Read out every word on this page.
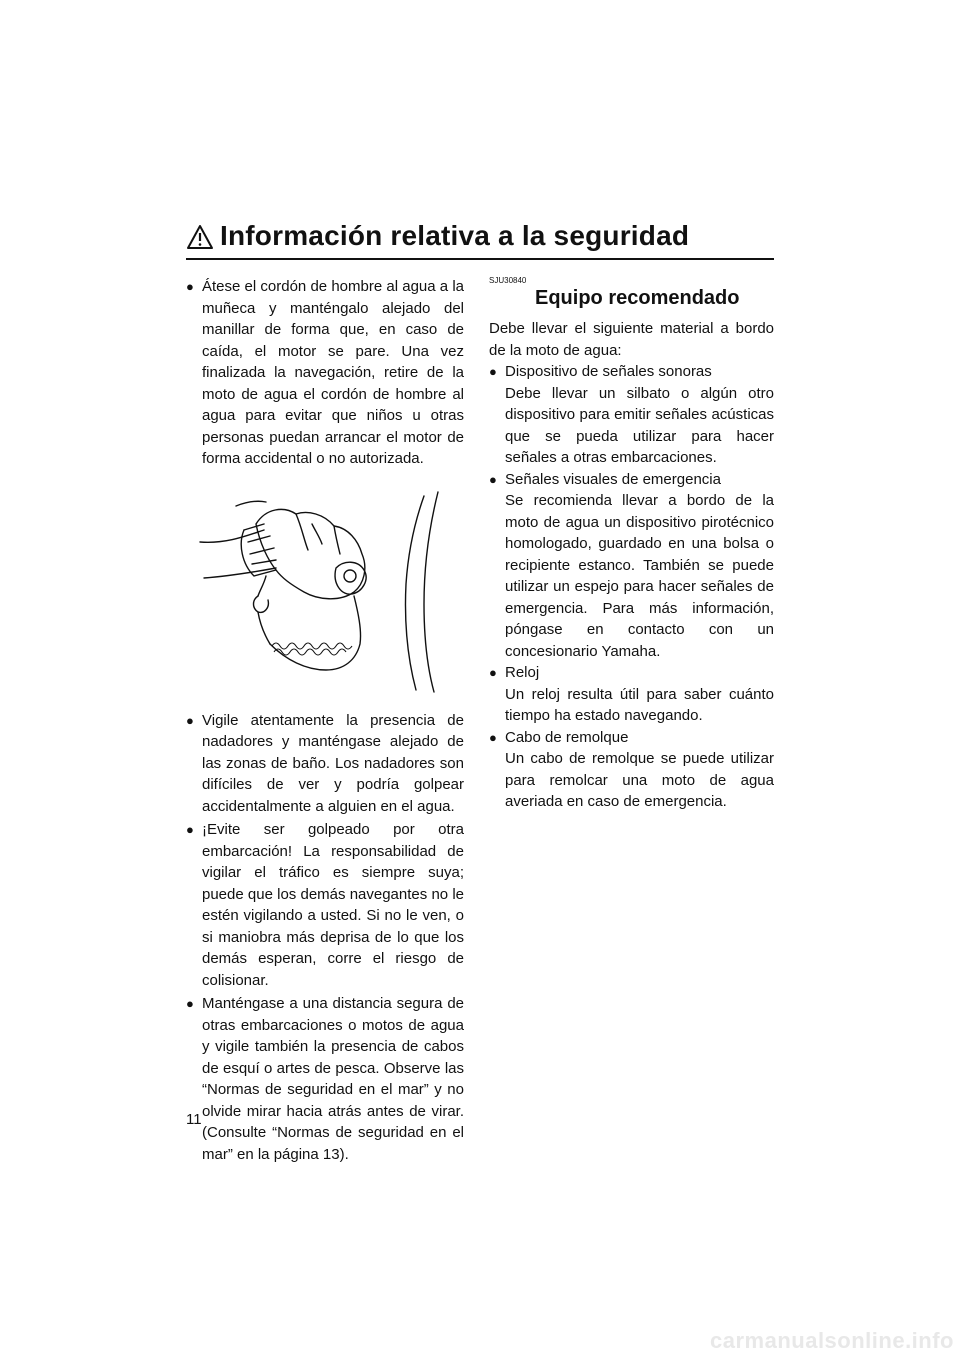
Información relativa a la seguridad

● Átese el cordón de hombre al agua a la muñeca y manténgalo alejado del manillar de forma que, en caso de caída, el motor se pare. Una vez finalizada la navegación, retire de la moto de agua el cordón de hombre al agua para evitar que niños u otras personas puedan arrancar el motor de forma accidental o no autorizada.

● Vigile atentamente la presencia de nadadores y manténgase alejado de las zonas de baño. Los nadadores son difíciles de ver y podría golpear accidentalmente a alguien en el agua.

● ¡Evite ser golpeado por otra embarcación! La responsabilidad de vigilar el tráfico es siempre suya; puede que los demás navegantes no le estén vigilando a usted. Si no le ven, o si maniobra más deprisa de lo que los demás esperan, corre el riesgo de colisionar.

● Manténgase a una distancia segura de otras embarcaciones o motos de agua y vigile también la presencia de cabos de esquí o artes de pesca. Observe las “Normas de seguridad en el mar” y no olvide mirar hacia atrás antes de virar. (Consulte “Normas de seguridad en el mar” en la página 13).

SJU30840

Equipo recomendado

Debe llevar el siguiente material a bordo de la moto de agua:

● Dispositivo de señales sonoras
Debe llevar un silbato o algún otro dispositivo para emitir señales acústicas que se pueda utilizar para hacer señales a otras embarcaciones.
● Señales visuales de emergencia
Se recomienda llevar a bordo de la moto de agua un dispositivo pirotécnico homologado, guardado en una bolsa o recipiente estanco. También se puede utilizar un espejo para hacer señales de emergencia. Para más información, póngase en contacto con un concesionario Yamaha.
● Reloj
Un reloj resulta útil para saber cuánto tiempo ha estado navegando.
● Cabo de remolque
Un cabo de remolque se puede utilizar para remolcar una moto de agua averiada en caso de emergencia.
11
carmanualsonline.info
